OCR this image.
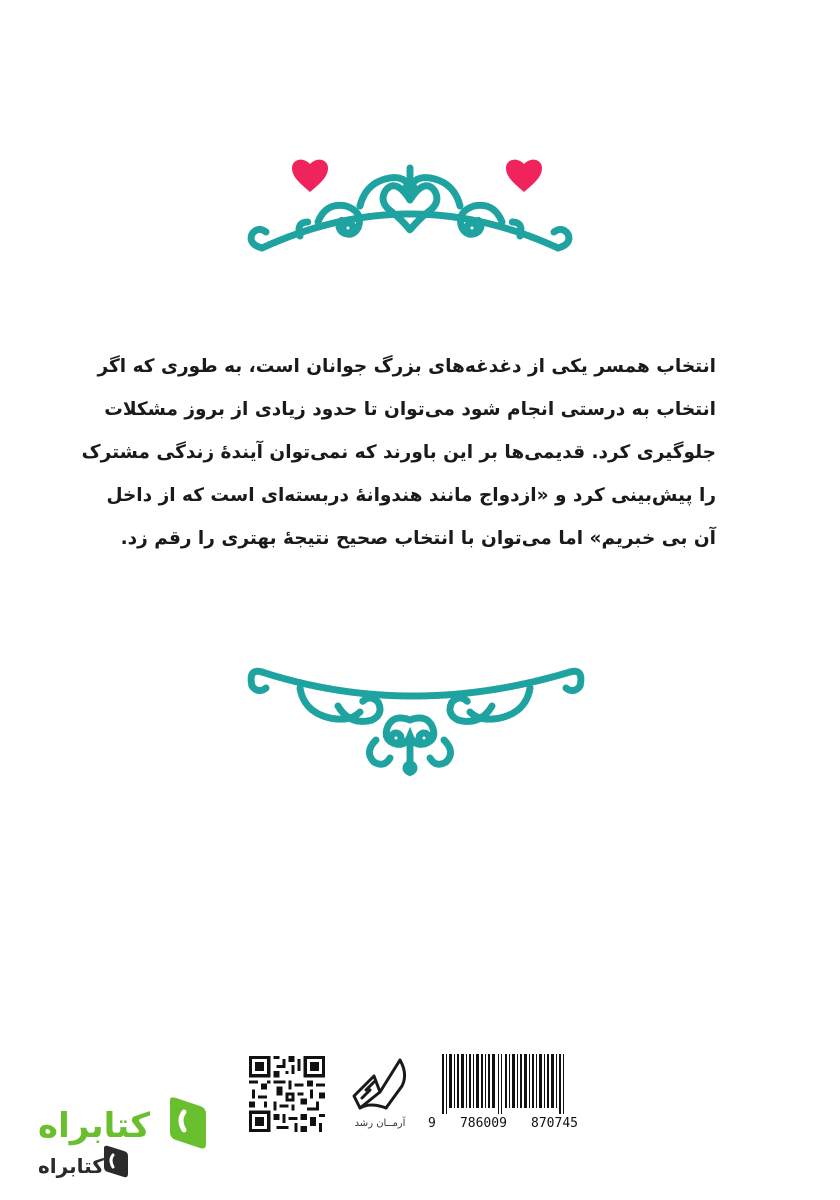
انتخاب همسر یکی از دغدغه‌های بزرگ جوانان است، به طوری که اگر
انتخاب به درستی انجام شود می‌توان تا حدود زیادی از بروز مشکلات
جلوگیری کرد. قدیمی‌ها بر این باورند که نمی‌توان آیندهٔ زندگی مشترک
را پیش‌بینی کرد و «ازدواج مانند هندوانهٔ دربسته‌ای است که از داخل
آن بی خبریم» اما می‌توان با انتخاب صحیح نتیجهٔ بهتری را رقم زد.
آرمــان رشد	9 786009 870745
کتابراه
کتابراه
